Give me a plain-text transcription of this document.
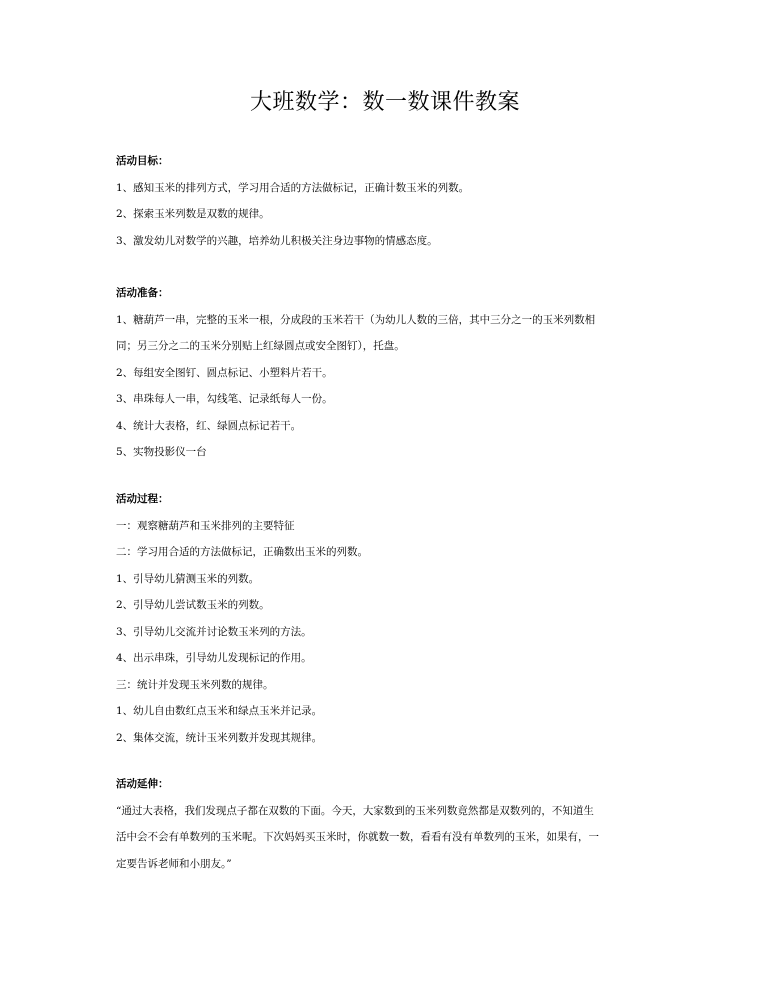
大班数学：数一数课件教案
活动目标：
1、感知玉米的排列方式，学习用合适的方法做标记，正确计数玉米的列数。
2、探索玉米列数是双数的规律。
3、激发幼儿对数学的兴趣，培养幼儿积极关注身边事物的情感态度。
活动准备：
1、糖葫芦一串，完整的玉米一根，分成段的玉米若干（为幼儿人数的三倍，其中三分之一的玉米列数相
同；另三分之二的玉米分别贴上红绿圆点或安全图钉），托盘。
2、每组安全图钉、圆点标记、小塑料片若干。
3、串珠每人一串，勾线笔、记录纸每人一份。
4、统计大表格，红、绿圆点标记若干。
5、实物投影仪一台
活动过程：
一：观察糖葫芦和玉米排列的主要特征
二：学习用合适的方法做标记，正确数出玉米的列数。
1、引导幼儿猜测玉米的列数。
2、引导幼儿尝试数玉米的列数。
3、引导幼儿交流并讨论数玉米列的方法。
4、出示串珠，引导幼儿发现标记的作用。
三：统计并发现玉米列数的规律。
1、幼儿自由数红点玉米和绿点玉米并记录。
2、集体交流，统计玉米列数并发现其规律。
活动延伸：
“通过大表格，我们发现点子都在双数的下面。今天，大家数到的玉米列数竟然都是双数列的，不知道生
活中会不会有单数列的玉米呢。下次妈妈买玉米时，你就数一数，看看有没有单数列的玉米，如果有，一
定要告诉老师和小朋友。”
